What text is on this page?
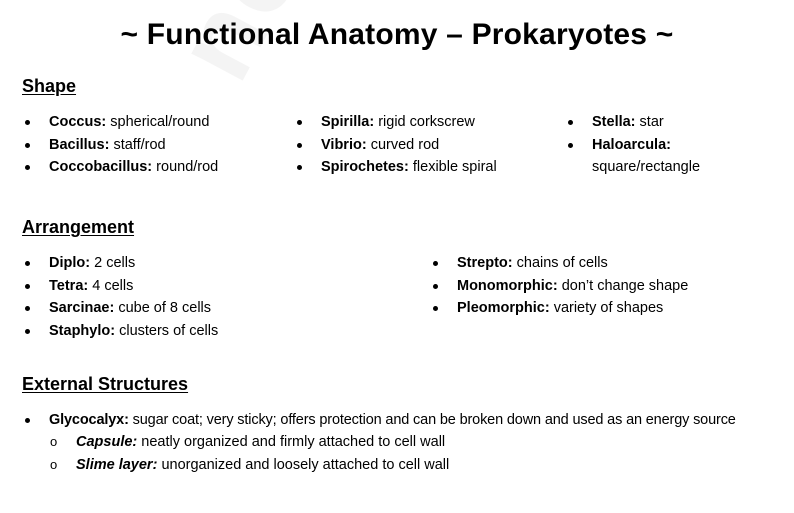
~ Functional Anatomy – Prokaryotes ~
Shape
Coccus: spherical/round
Bacillus: staff/rod
Coccobacillus: round/rod
Spirilla: rigid corkscrew
Vibrio: curved rod
Spirochetes: flexible spiral
Stella: star
Haloarcula:
square/rectangle
Arrangement
Diplo: 2 cells
Tetra: 4 cells
Sarcinae: cube of 8 cells
Staphylo: clusters of cells
Strepto: chains of cells
Monomorphic: don’t change shape
Pleomorphic: variety of shapes
External Structures
Glycocalyx: sugar coat; very sticky; offers protection and can be broken down and used as an energy source
o Capsule: neatly organized and firmly attached to cell wall
o Slime layer: unorganized and loosely attached to cell wall
